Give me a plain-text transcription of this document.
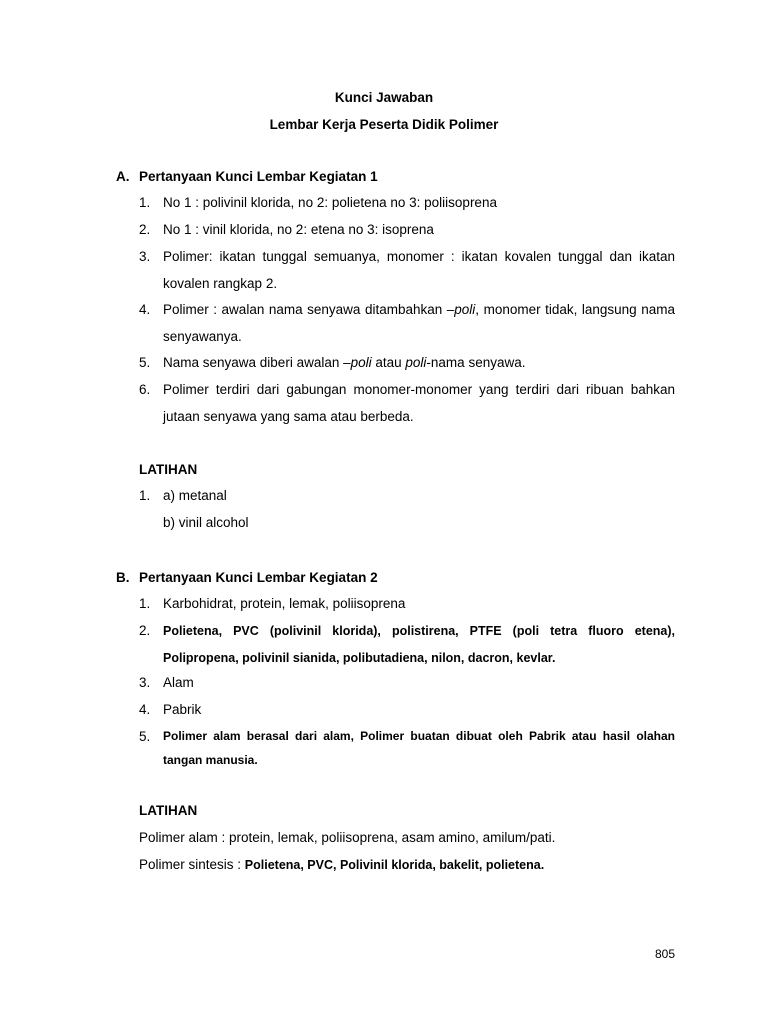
Kunci Jawaban
Lembar Kerja Peserta Didik Polimer
A. Pertanyaan Kunci Lembar Kegiatan 1
1. No 1 : polivinil klorida, no 2: polietena no 3: poliisoprena
2. No 1 : vinil klorida, no 2: etena no 3: isoprena
3. Polimer: ikatan tunggal semuanya, monomer : ikatan kovalen tunggal dan ikatan kovalen rangkap 2.
4. Polimer : awalan nama senyawa ditambahkan –poli, monomer tidak, langsung nama senyawanya.
5. Nama senyawa diberi awalan –poli atau poli-nama senyawa.
6. Polimer terdiri dari gabungan monomer-monomer yang terdiri dari ribuan bahkan jutaan senyawa yang sama atau berbeda.
LATIHAN
1. a) metanal
b) vinil alcohol
B. Pertanyaan Kunci Lembar Kegiatan 2
1. Karbohidrat, protein, lemak, poliisoprena
2. Polietena, PVC (polivinil klorida), polistirena, PTFE (poli tetra fluoro etena), Polipropena, polivinil sianida, polibutadiena, nilon, dacron, kevlar.
3. Alam
4. Pabrik
5. Polimer alam berasal dari alam, Polimer buatan dibuat oleh Pabrik atau hasil olahan tangan manusia.
LATIHAN
Polimer alam : protein, lemak, poliisoprena, asam amino, amilum/pati.
Polimer sintesis : Polietena, PVC, Polivinil klorida, bakelit, polietena.
805
